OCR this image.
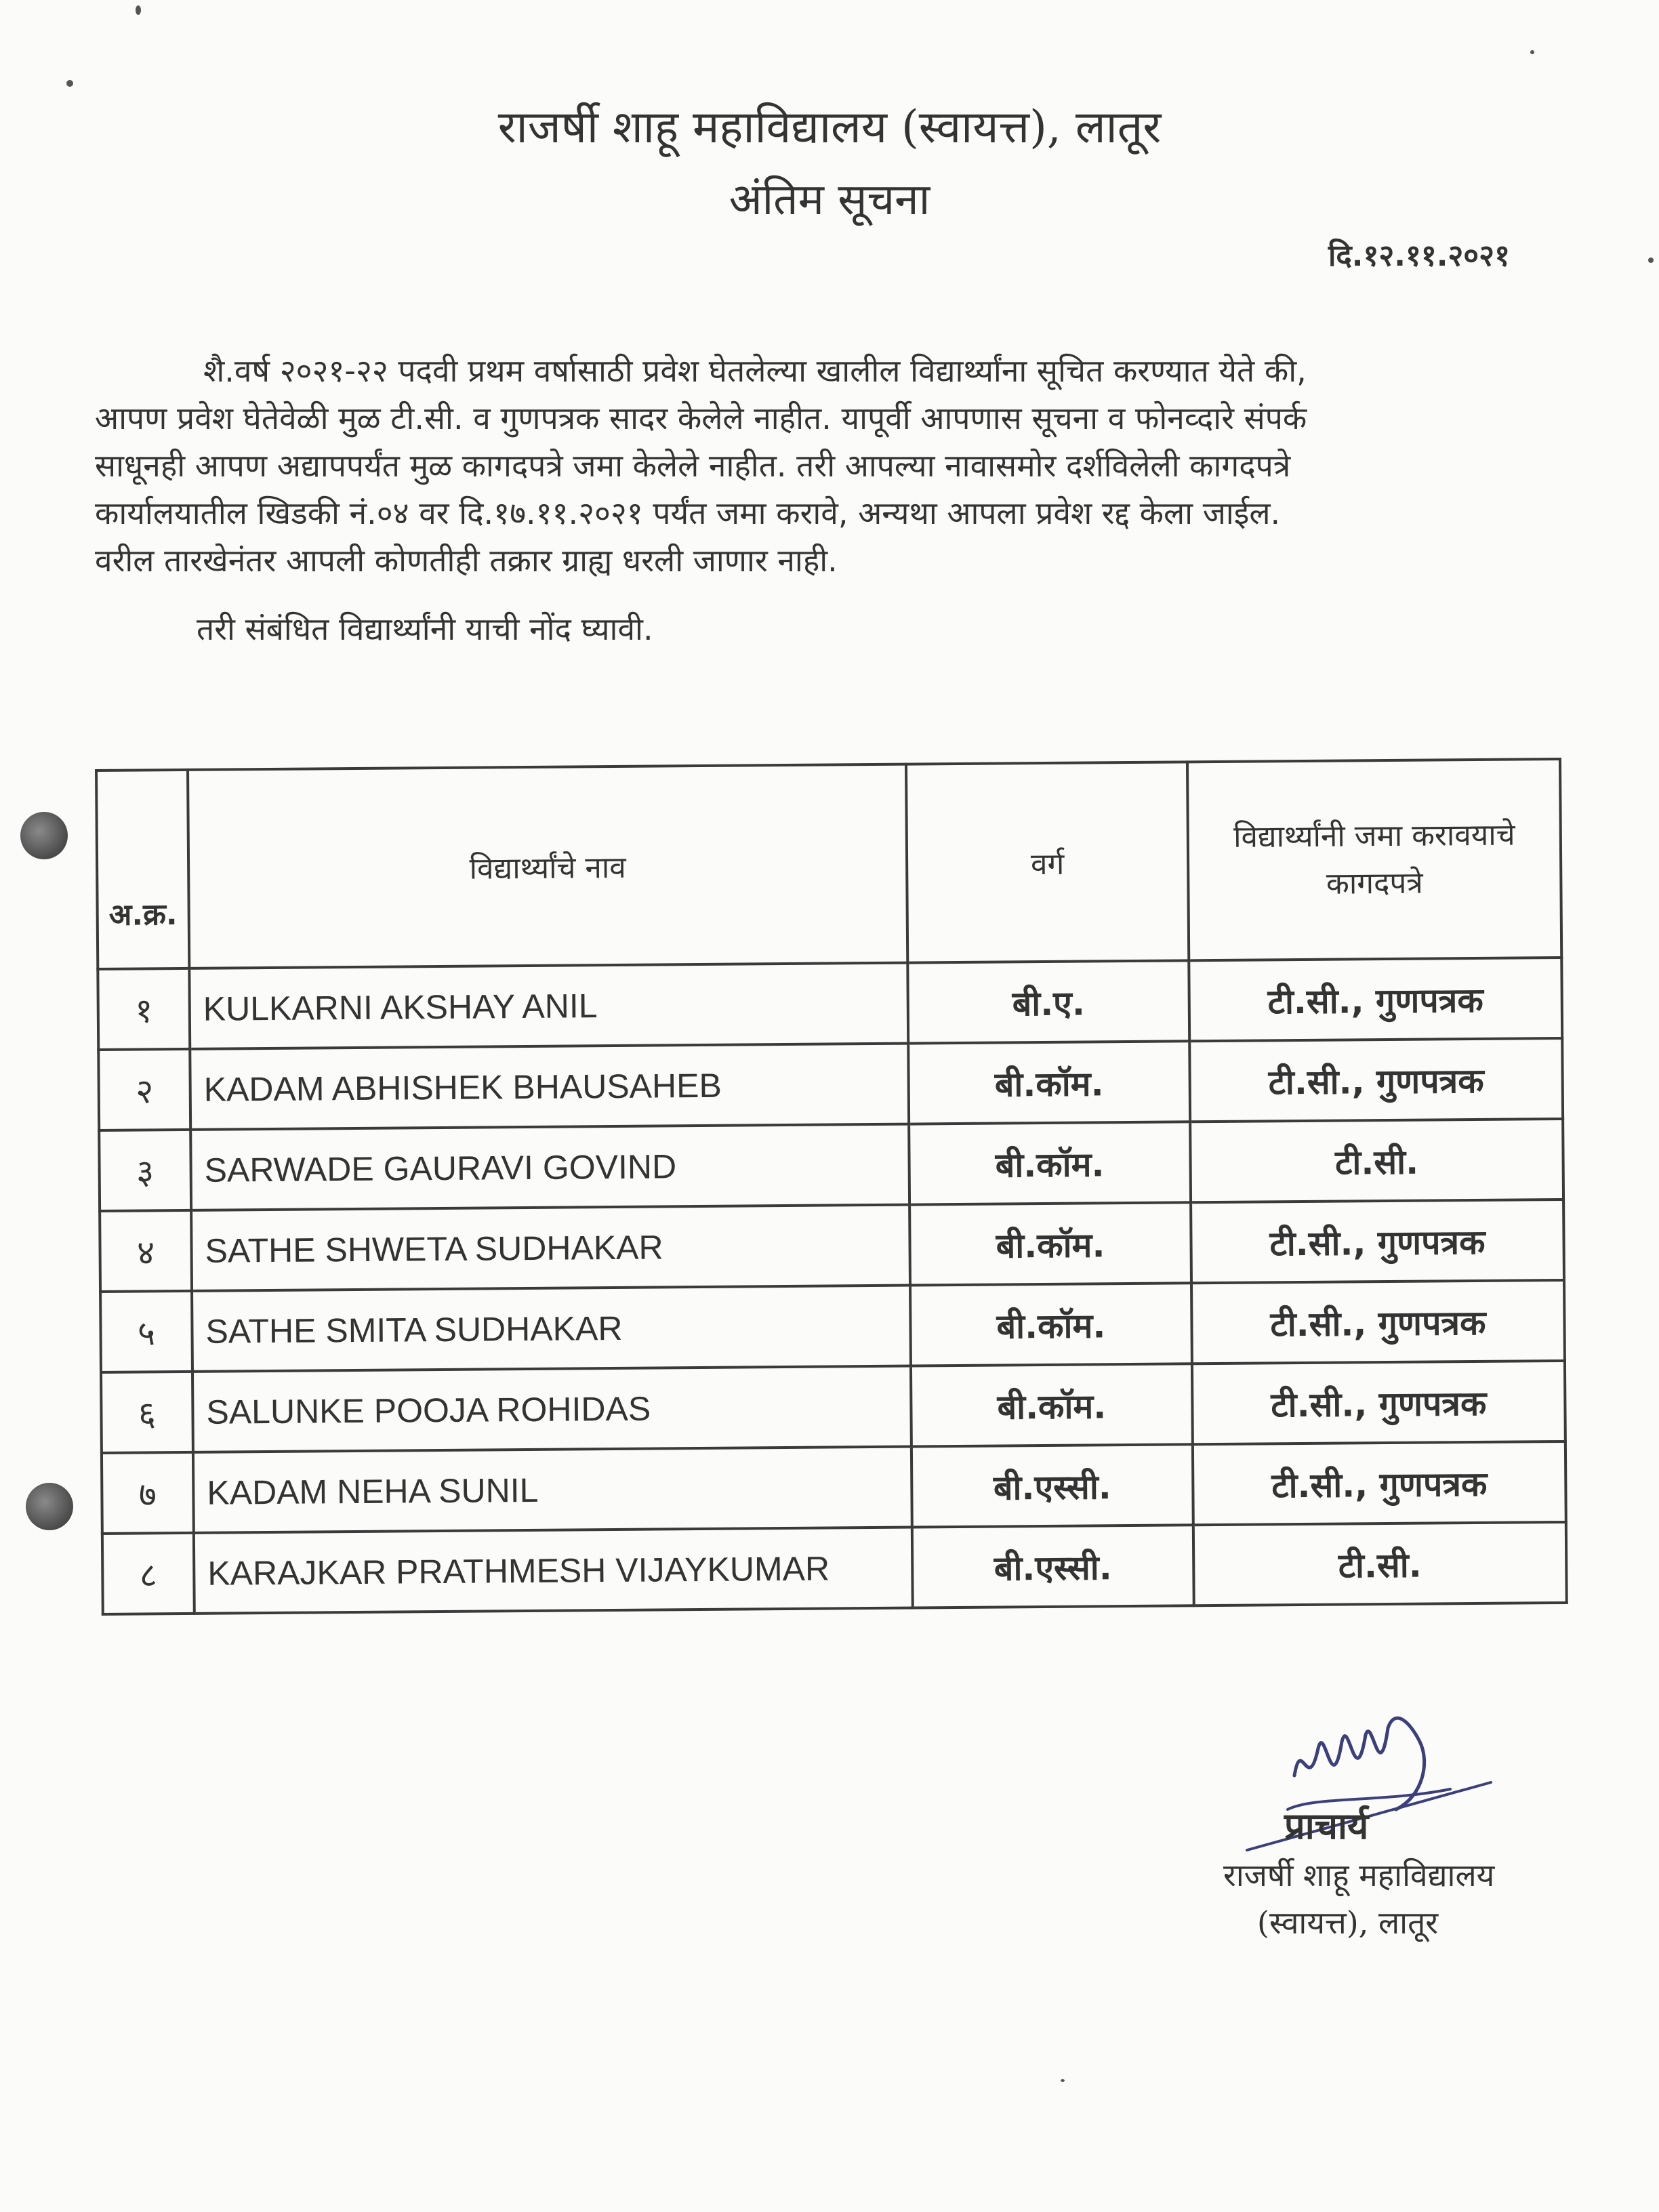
राजर्षी शाहू महाविद्यालय (स्वायत्त), लातूर
अंतिम सूचना
दि.१२.११.२०२१
शै.वर्ष २०२१-२२ पदवी प्रथम वर्षासाठी प्रवेश घेतलेल्या खालील विद्यार्थ्यांना सूचित करण्यात येते की,
आपण प्रवेश घेतेवेळी मुळ टी.सी. व गुणपत्रक सादर केलेले नाहीत. यापूर्वी आपणास सूचना व फोनव्दारे संपर्क
साधूनही आपण अद्यापपर्यंत मुळ कागदपत्रे जमा केलेले नाहीत. तरी आपल्या नावासमोर दर्शविलेली कागदपत्रे
कार्यालयातील खिडकी नं.०४ वर दि.१७.११.२०२१ पर्यंत जमा करावे, अन्यथा आपला प्रवेश रद्द केला जाईल.
वरील तारखेनंतर आपली कोणतीही तक्रार ग्राह्य धरली जाणार नाही.
तरी संबंधित विद्यार्थ्यांनी याची नोंद घ्यावी.
अ.क्र.	विद्यार्थ्यांचे नाव	वर्ग	विद्यार्थ्यांनी जमा करावयाचे
कागदपत्रे
१	KULKARNI AKSHAY ANIL	बी.ए.	टी.सी., गुणपत्रक
२	KADAM ABHISHEK BHAUSAHEB	बी.कॉम.	टी.सी., गुणपत्रक
३	SARWADE GAURAVI GOVIND	बी.कॉम.	टी.सी.
४	SATHE SHWETA SUDHAKAR	बी.कॉम.	टी.सी., गुणपत्रक
५	SATHE SMITA SUDHAKAR	बी.कॉम.	टी.सी., गुणपत्रक
६	SALUNKE POOJA ROHIDAS	बी.कॉम.	टी.सी., गुणपत्रक
७	KADAM NEHA SUNIL	बी.एस्सी.	टी.सी., गुणपत्रक
८	KARAJKAR PRATHMESH VIJAYKUMAR	बी.एस्सी.	टी.सी.
प्राचार्य
राजर्षी शाहू महाविद्यालय
(स्वायत्त), लातूर
